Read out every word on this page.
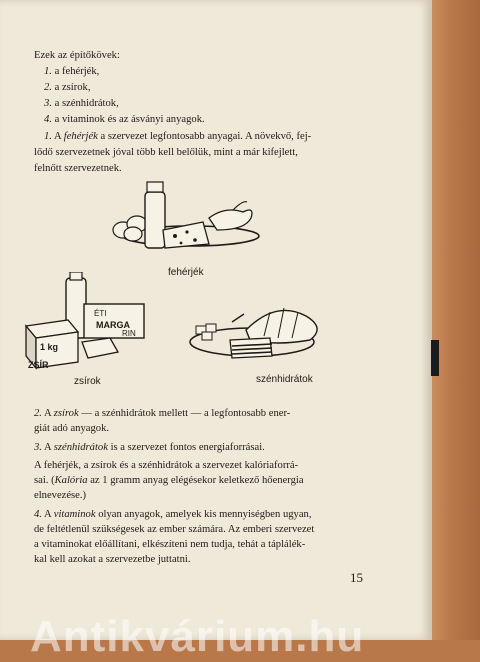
Ezek az építőkövek:
1. a fehérjék,
2. a zsírok,
3. a szénhidrátok,
4. a vitaminok és az ásványi anyagok.
1. A fehérjék a szervezet legfontosabb anyagai. A növekvő, fej-
lődő szervezetnek jóval több kell belőlük, mint a már kifejlett,
felnőtt szervezetnek.
fehérjék
ÉTI
MARGA
RIN
1 kg
ZSÍR
zsírok	szénhidrátok
2. A zsírok — a szénhidrátok mellett — a legfontosabb ener-
giát adó anyagok.
3. A szénhidrátok is a szervezet fontos energiaforrásai.
A fehérjék, a zsírok és a szénhidrátok a szervezet kalóriaforrá-
sai. (Kalória az 1 gramm anyag elégésekor keletkező hőenergia
elnevezése.)
4. A vitaminok olyan anyagok, amelyek kis mennyiségben ugyan,
de feltétlenül szükségesek az ember számára. Az emberi szervezet
a vitaminokat előállítani, elkészíteni nem tudja, tehát a táplálék-
kal kell azokat a szervezetbe juttatni.
15
Antikvárium.hu
